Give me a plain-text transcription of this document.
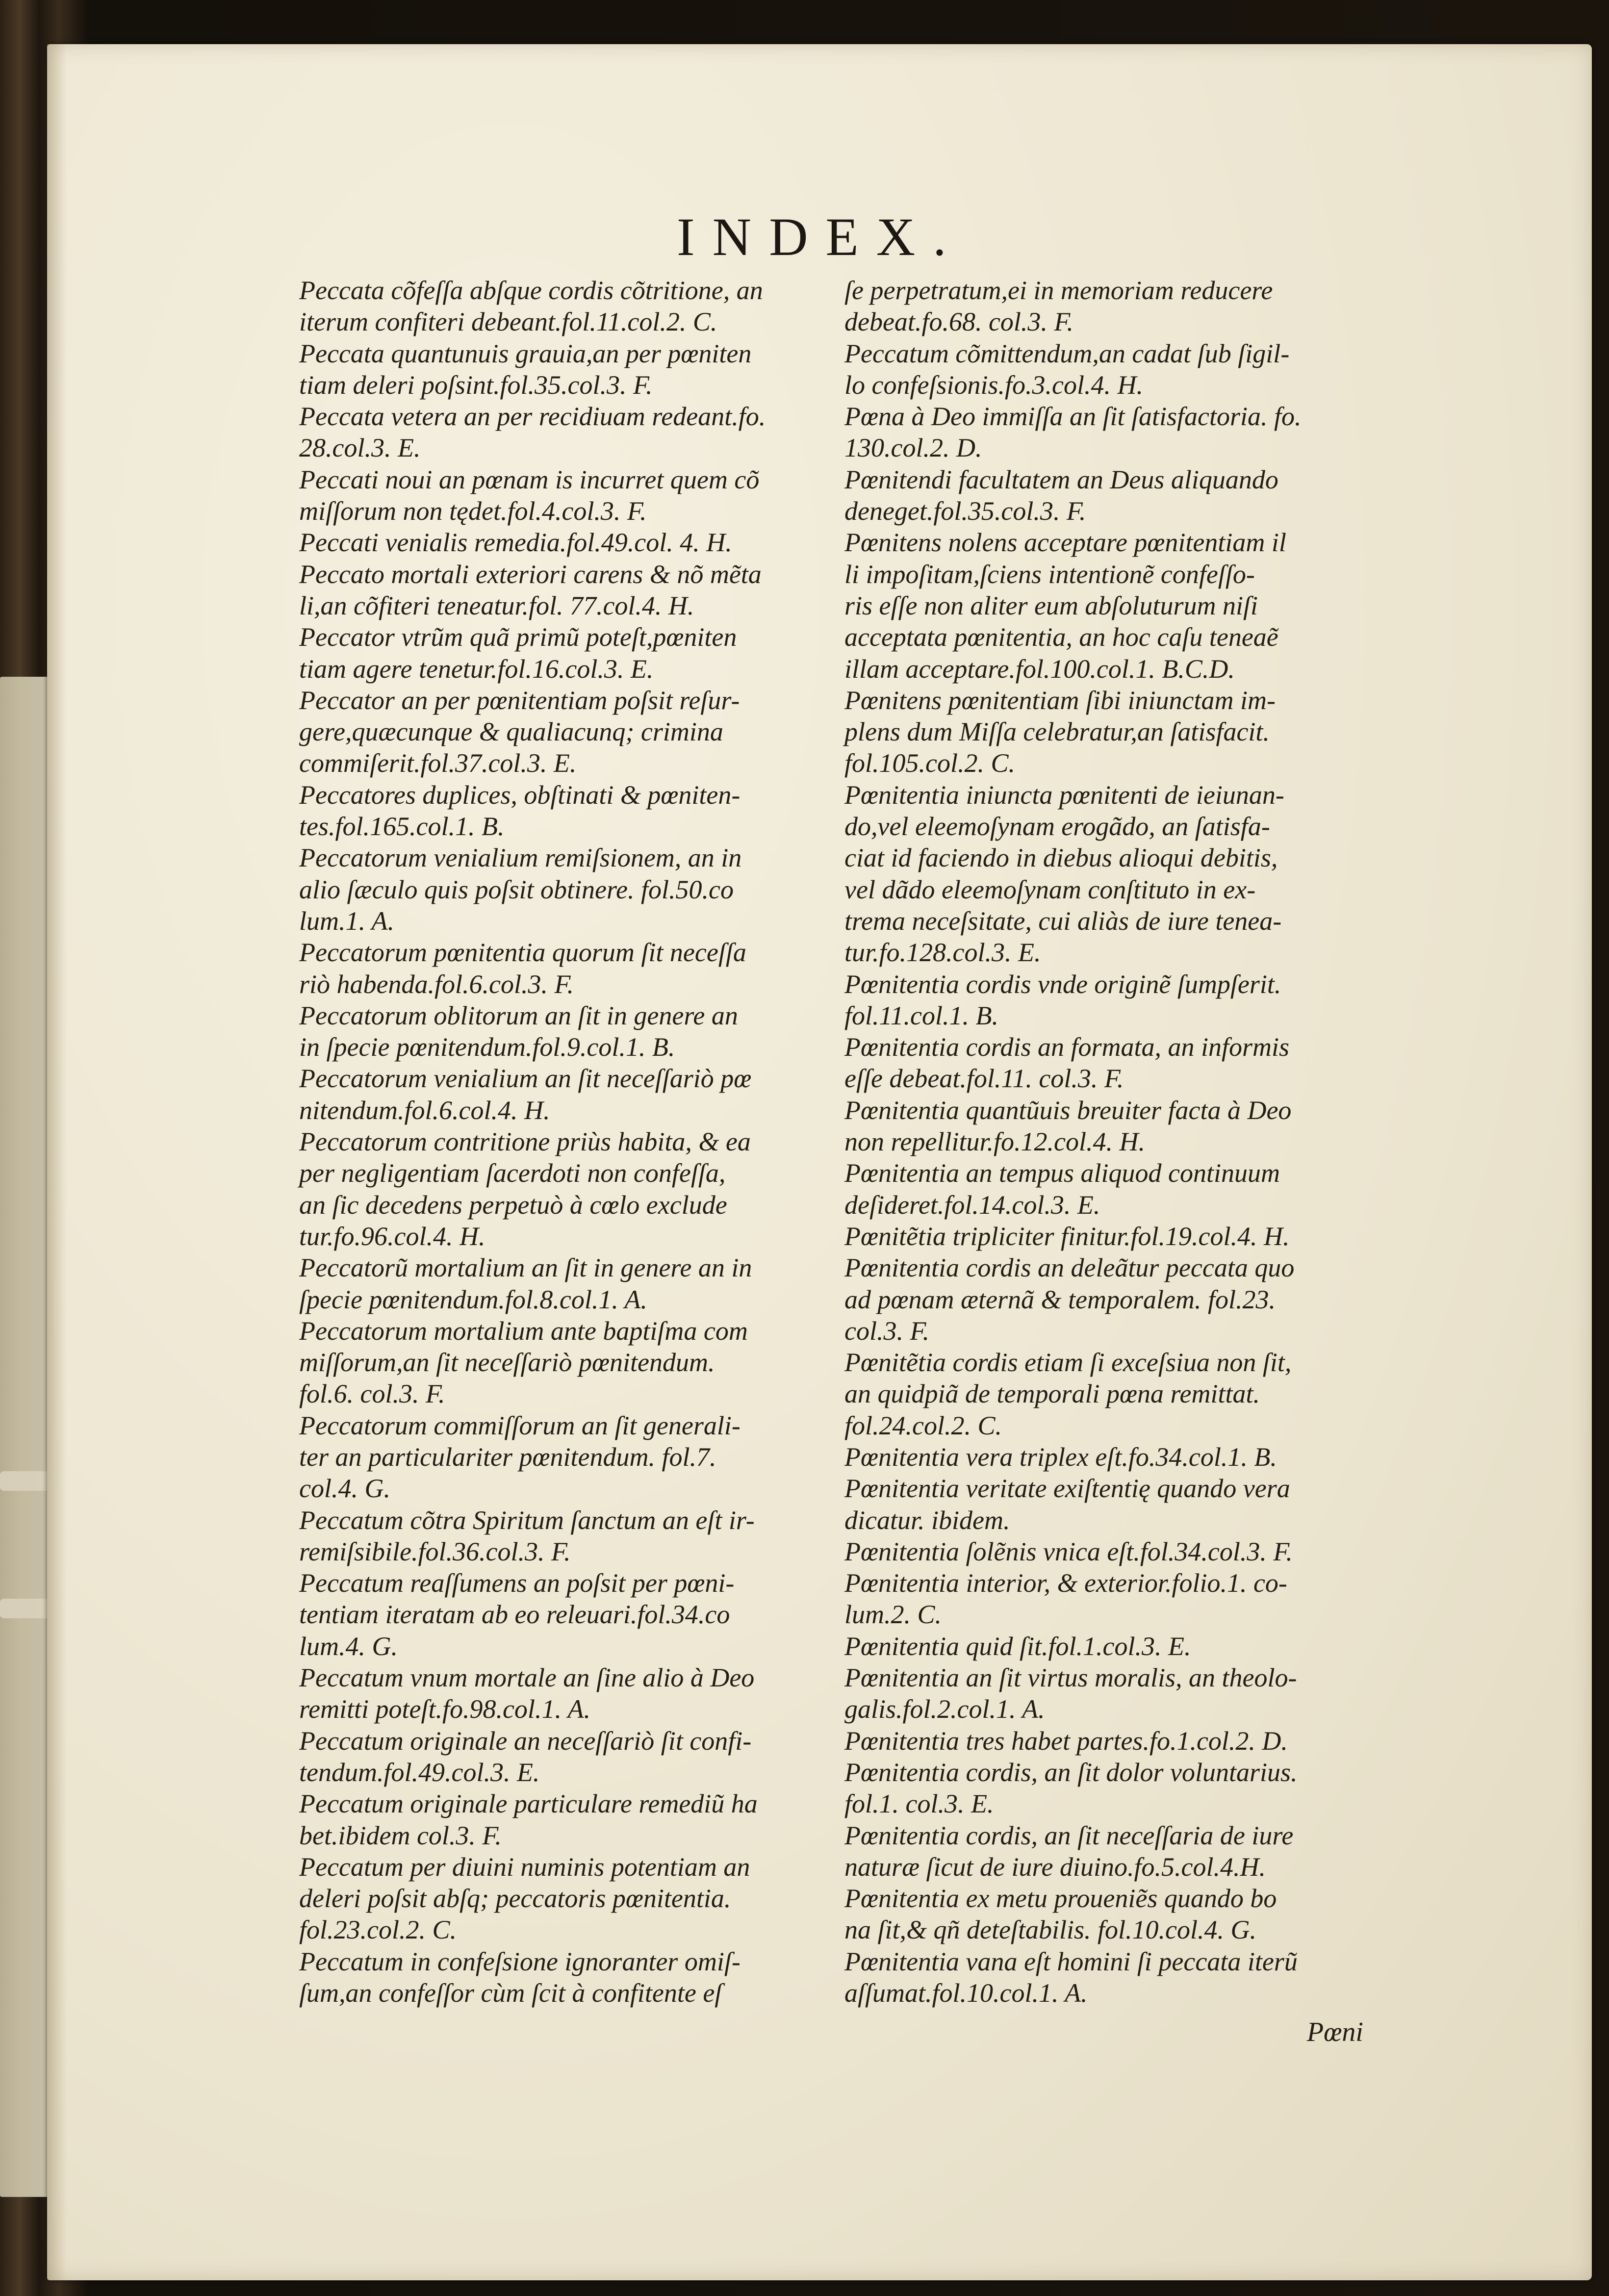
INDEX.
Peccata cõfeſſa abſque cordis cõtritione, an
iterum confiteri debeant.fol.11.col.2. C.
Peccata quantunuis grauia,an per pœniten
tiam deleri poſsint.fol.35.col.3. F.
Peccata vetera an per recidiuam redeant.fo.
28.col.3. E.
Peccati noui an pœnam is incurret quem cõ
miſſorum non tędet.fol.4.col.3. F.
Peccati venialis remedia.fol.49.col. 4. H.
Peccato mortali exteriori carens & nõ mẽta
li,an cõfiteri teneatur.fol. 77.col.4. H.
Peccator vtrũm quã primũ poteſt,pœniten
tiam agere tenetur.fol.16.col.3. E.
Peccator an per pœnitentiam poſsit reſur-
gere,quæcunque & qualiacunq; crimina
commiſerit.fol.37.col.3. E.
Peccatores duplices, obſtinati & pœniten-
tes.fol.165.col.1. B.
Peccatorum venialium remiſsionem, an in
alio ſæculo quis poſsit obtinere. fol.50.co
lum.1. A.
Peccatorum pœnitentia quorum ſit neceſſa
riò habenda.fol.6.col.3. F.
Peccatorum oblitorum an ſit in genere an
in ſpecie pœnitendum.fol.9.col.1. B.
Peccatorum venialium an ſit neceſſariò pœ
nitendum.fol.6.col.4. H.
Peccatorum contritione priùs habita, & ea
per negligentiam ſacerdoti non confeſſa,
an ſic decedens perpetuò à cœlo exclude
tur.fo.96.col.4. H.
Peccatorũ mortalium an ſit in genere an in
ſpecie pœnitendum.fol.8.col.1. A.
Peccatorum mortalium ante baptiſma com
miſſorum,an ſit neceſſariò pœnitendum.
fol.6. col.3. F.
Peccatorum commiſſorum an ſit generali-
ter an particulariter pœnitendum. fol.7.
col.4. G.
Peccatum cõtra Spiritum ſanctum an eſt ir-
remiſsibile.fol.36.col.3. F.
Peccatum reaſſumens an poſsit per pœni-
tentiam iteratam ab eo releuari.fol.34.co
lum.4. G.
Peccatum vnum mortale an ſine alio à Deo
remitti poteſt.fo.98.col.1. A.
Peccatum originale an neceſſariò ſit confi-
tendum.fol.49.col.3. E.
Peccatum originale particulare remediũ ha
bet.ibidem col.3. F.
Peccatum per diuini numinis potentiam an
deleri poſsit abſq; peccatoris pœnitentia.
fol.23.col.2. C.
Peccatum in confeſsione ignoranter omiſ-
ſum,an confeſſor cùm ſcit à confitente eſ
ſe perpetratum,ei in memoriam reducere
debeat.fo.68. col.3. F.
Peccatum cõmittendum,an cadat ſub ſigil-
lo confeſsionis.fo.3.col.4. H.
Pœna à Deo immiſſa an ſit ſatisfactoria. fo.
130.col.2. D.
Pœnitendi facultatem an Deus aliquando
deneget.fol.35.col.3. F.
Pœnitens nolens acceptare pœnitentiam il
li impoſitam,ſciens intentionẽ confeſſo-
ris eſſe non aliter eum abſoluturum niſi
acceptata pœnitentia, an hoc caſu teneaẽ
illam acceptare.fol.100.col.1. B.C.D.
Pœnitens pœnitentiam ſibi iniunctam im-
plens dum Miſſa celebratur,an ſatisfacit.
fol.105.col.2. C.
Pœnitentia iniuncta pœnitenti de ieiunan-
do,vel eleemoſynam erogãdo, an ſatisfa-
ciat id faciendo in diebus alioqui debitis,
vel dãdo eleemoſynam conſtituto in ex-
trema neceſsitate, cui aliàs de iure tenea-
tur.fo.128.col.3. E.
Pœnitentia cordis vnde originẽ ſumpſerit.
fol.11.col.1. B.
Pœnitentia cordis an formata, an informis
eſſe debeat.fol.11. col.3. F.
Pœnitentia quantũuis breuiter facta à Deo
non repellitur.fo.12.col.4. H.
Pœnitentia an tempus aliquod continuum
deſideret.fol.14.col.3. E.
Pœnitẽtia tripliciter finitur.fol.19.col.4. H.
Pœnitentia cordis an deleãtur peccata quo
ad pœnam æternã & temporalem. fol.23.
col.3. F.
Pœnitẽtia cordis etiam ſi exceſsiua non ſit,
an quidpiã de temporali pœna remittat.
fol.24.col.2. C.
Pœnitentia vera triplex eſt.fo.34.col.1. B.
Pœnitentia veritate exiſtentię quando vera
dicatur. ibidem.
Pœnitentia ſolẽnis vnica eſt.fol.34.col.3. F.
Pœnitentia interior, & exterior.folio.1. co-
lum.2. C.
Pœnitentia quid ſit.fol.1.col.3. E.
Pœnitentia an ſit virtus moralis, an theolo-
galis.fol.2.col.1. A.
Pœnitentia tres habet partes.fo.1.col.2. D.
Pœnitentia cordis, an ſit dolor voluntarius.
fol.1. col.3. E.
Pœnitentia cordis, an ſit neceſſaria de iure
naturæ ſicut de iure diuino.fo.5.col.4.H.
Pœnitentia ex metu proueniẽs quando bo
na ſit,& qñ deteſtabilis. fol.10.col.4. G.
Pœnitentia vana eſt homini ſi peccata iterũ
aſſumat.fol.10.col.1. A.
Pœni
